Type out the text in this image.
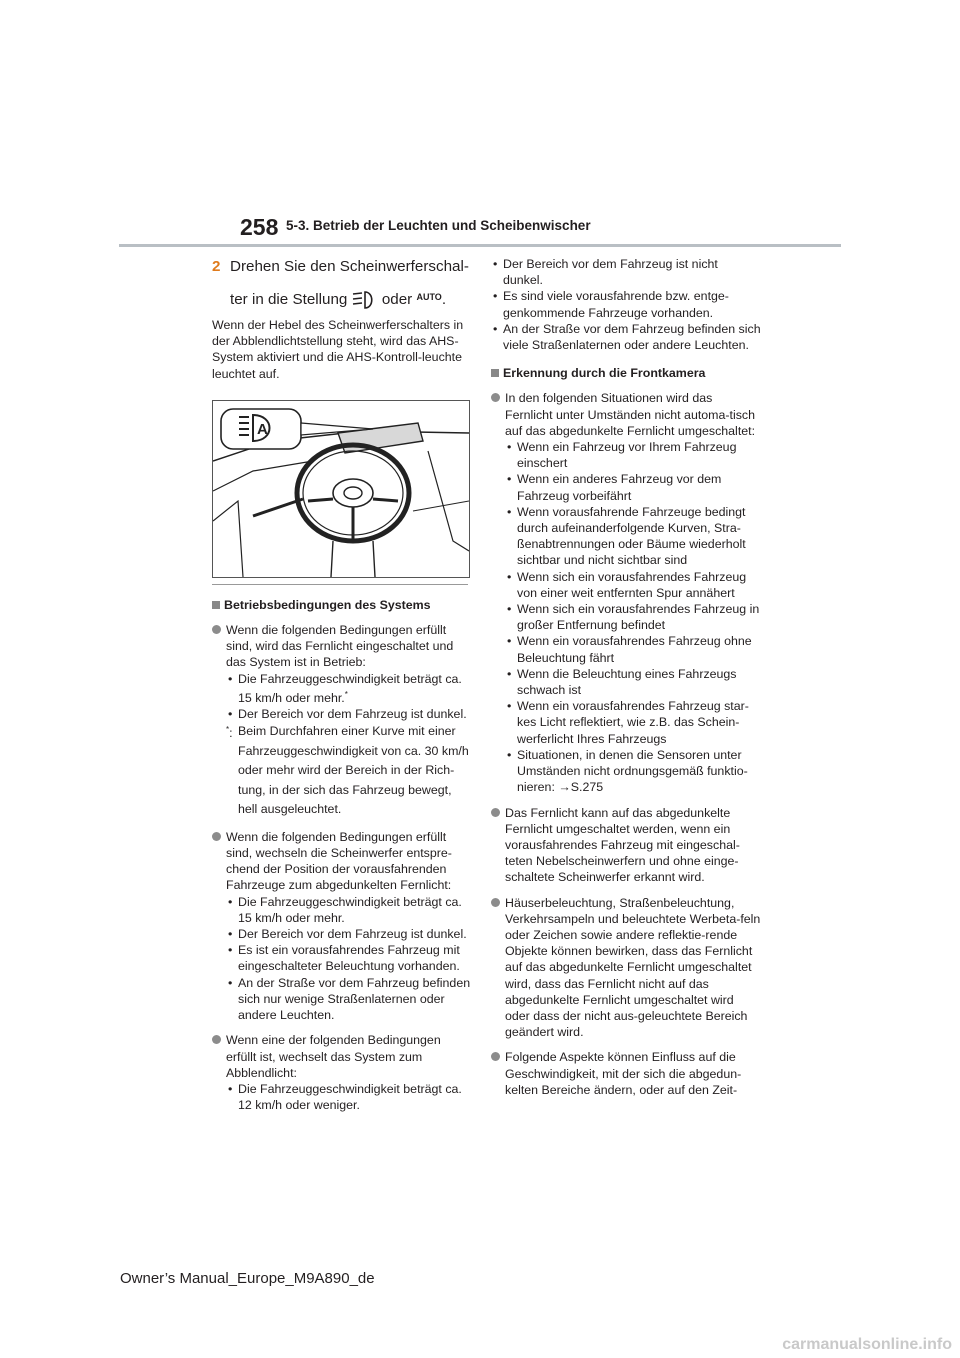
258 5-3. Betrieb der Leuchten und Scheibenwischer
2 Drehen Sie den Scheinwerferschal-
ter in die Stellung oder $^{AUTO}$.

Wenn der Hebel des Scheinwerferschalters in der Abblendlichtstellung steht, wird das AHS-System aktiviert und die AHS-Kontroll-leuchte leuchtet auf.

A
Betriebsbedingungen des Systems
Wenn die folgenden Bedingungen erfüllt sind, wird das Fernlicht eingeschaltet und das System ist in Betrieb:
• Die Fahrzeuggeschwindigkeit beträgt ca. 15 km/h oder mehr.*
• Der Bereich vor dem Fahrzeug ist dunkel.
*: Beim Durchfahren einer Kurve mit einer Fahrzeuggeschwindigkeit von ca. 30 km/h oder mehr wird der Bereich in der Rich-tung, in der sich das Fahrzeug bewegt, hell ausgeleuchtet.
Wenn die folgenden Bedingungen erfüllt sind, wechseln die Scheinwerfer entspre-chend der Position der vorausfahrenden Fahrzeuge zum abgedunkelten Fernlicht:
• Die Fahrzeuggeschwindigkeit beträgt ca. 15 km/h oder mehr.
• Der Bereich vor dem Fahrzeug ist dunkel.
• Es ist ein vorausfahrendes Fahrzeug mit eingeschalteter Beleuchtung vorhanden.
• An der Straße vor dem Fahrzeug befinden sich nur wenige Straßenlaternen oder andere Leuchten.
Wenn eine der folgenden Bedingungen erfüllt ist, wechselt das System zum Abblendlicht:
• Die Fahrzeuggeschwindigkeit beträgt ca. 12 km/h oder weniger.
• Der Bereich vor dem Fahrzeug ist nicht dunkel.
• Es sind viele vorausfahrende bzw. entge-genkommende Fahrzeuge vorhanden.
• An der Straße vor dem Fahrzeug befinden sich viele Straßenlaternen oder andere Leuchten.
Erkennung durch die Frontkamera
In den folgenden Situationen wird das Fernlicht unter Umständen nicht automa-tisch auf das abgedunkelte Fernlicht umgeschaltet:
• Wenn ein Fahrzeug vor Ihrem Fahrzeug einschert
• Wenn ein anderes Fahrzeug vor dem Fahrzeug vorbeifährt
• Wenn vorausfahrende Fahrzeuge bedingt durch aufeinanderfolgende Kurven, Stra-ßenabtrennungen oder Bäume wiederholt sichtbar und nicht sichtbar sind
• Wenn sich ein vorausfahrendes Fahrzeug von einer weit entfernten Spur annähert
• Wenn sich ein vorausfahrendes Fahrzeug in großer Entfernung befindet
• Wenn ein vorausfahrendes Fahrzeug ohne Beleuchtung fährt
• Wenn die Beleuchtung eines Fahrzeugs schwach ist
• Wenn ein vorausfahrendes Fahrzeug star-kes Licht reflektiert, wie z.B. das Schein-werferlicht Ihres Fahrzeugs
• Situationen, in denen die Sensoren unter Umständen nicht ordnungsgemäß funktio-nieren: →S.275
Das Fernlicht kann auf das abgedunkelte Fernlicht umgeschaltet werden, wenn ein vorausfahrendes Fahrzeug mit eingeschal-teten Nebelscheinwerfern und ohne einge-schaltete Scheinwerfer erkannt wird.
Häuserbeleuchtung, Straßenbeleuchtung, Verkehrsampeln und beleuchtete Werbeta-feln oder Zeichen sowie andere reflektie-rende Objekte können bewirken, dass das Fernlicht auf das abgedunkelte Fernlicht umgeschaltet wird, dass das Fernlicht nicht auf das abgedunkelte Fernlicht umgeschaltet wird oder dass der nicht aus-geleuchtete Bereich geändert wird.
Folgende Aspekte können Einfluss auf die Geschwindigkeit, mit der sich die abgedun-kelten Bereiche ändern, oder auf den Zeit-
Owner’s Manual_Europe_M9A890_de
carmanualsonline.info
